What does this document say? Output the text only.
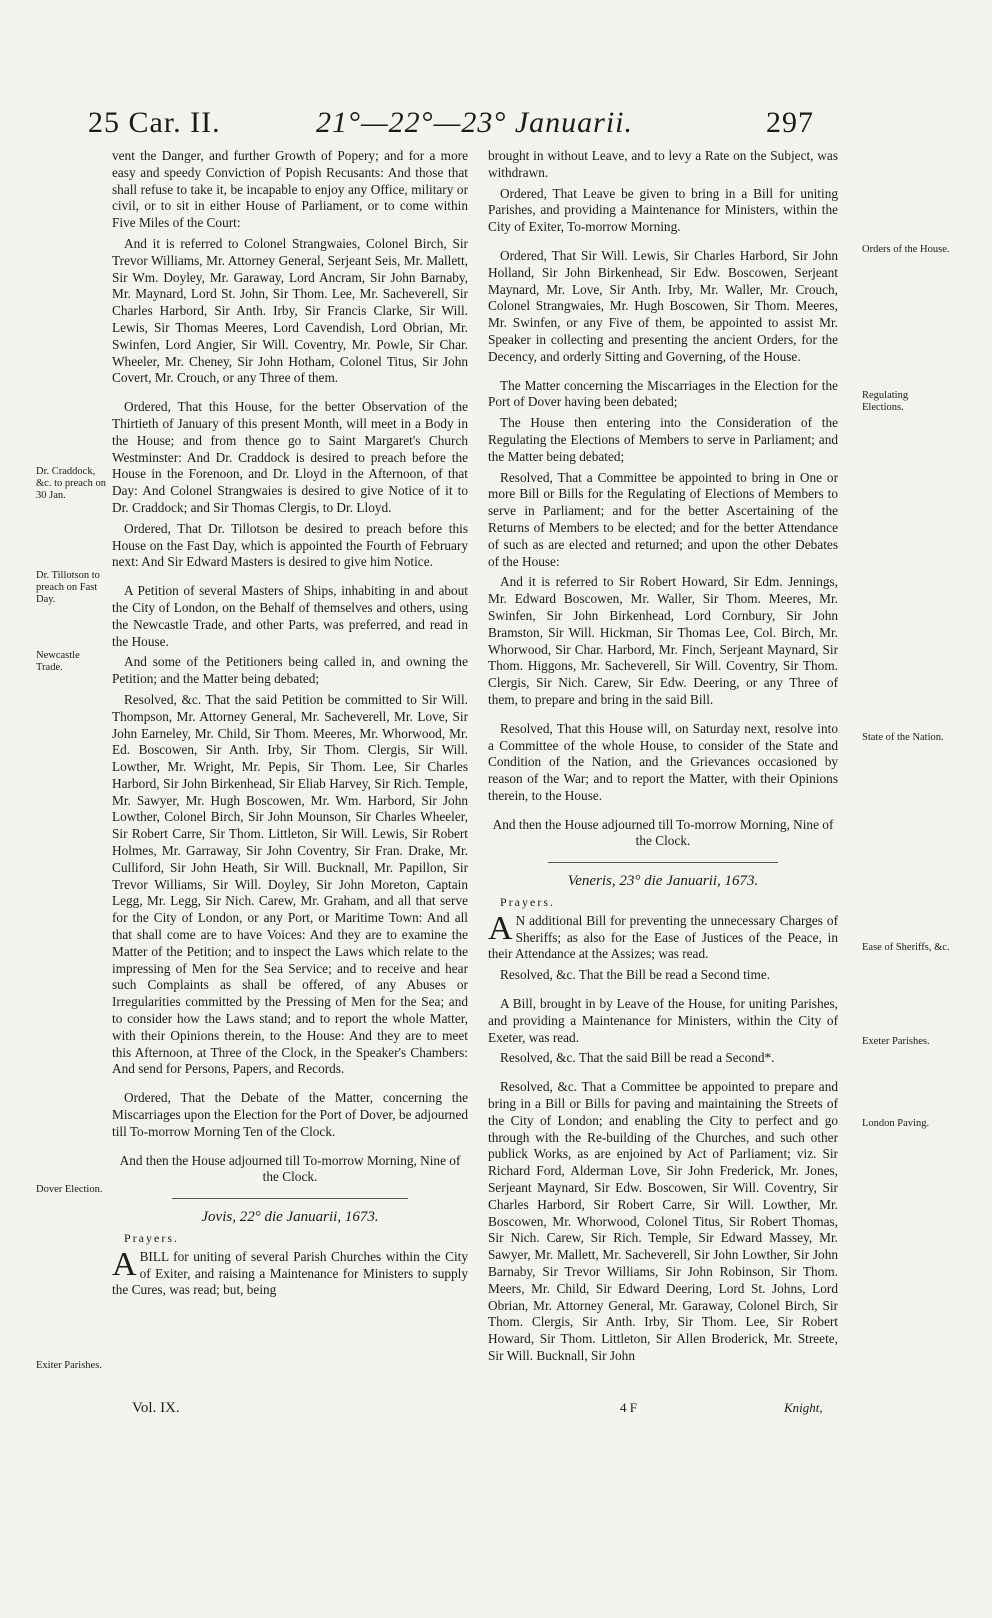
25 Car. II.	21°—22°—23° Januarii.	297
Dr. Craddock, &c. to preach on 30 Jan.
Dr. Tillotson to preach on Fast Day.
Newcastle Trade.
Dover Election.
Exiter Parishes.
Orders of the House.
Regulating Elections.
State of the Nation.
Ease of Sheriffs, &c.
Exeter Parishes.
London Paving.

vent the Danger, and further Growth of Popery; and for a more easy and speedy Conviction of Popish Recusants: And those that shall refuse to take it, be incapable to enjoy any Office, military or civil, or to sit in either House of Parliament, or to come within Five Miles of the Court:

And it is referred to Colonel Strangwaies, Colonel Birch, Sir Trevor Williams, Mr. Attorney General, Serjeant Seis, Mr. Mallett, Sir Wm. Doyley, Mr. Garaway, Lord Ancram, Sir John Barnaby, Mr. Maynard, Lord St. John, Sir Thom. Lee, Mr. Sacheverell, Sir Charles Harbord, Sir Anth. Irby, Sir Francis Clarke, Sir Will. Lewis, Sir Thomas Meeres, Lord Cavendish, Lord Obrian, Mr. Swinfen, Lord Angier, Sir Will. Coventry, Mr. Powle, Sir Char. Wheeler, Mr. Cheney, Sir John Hotham, Colonel Titus, Sir John Covert, Mr. Crouch, or any Three of them.

Ordered, That this House, for the better Observation of the Thirtieth of January of this present Month, will meet in a Body in the House; and from thence go to Saint Margaret's Church Westminster: And Dr. Craddock is desired to preach before the House in the Forenoon, and Dr. Lloyd in the Afternoon, of that Day: And Colonel Strangwaies is desired to give Notice of it to Dr. Craddock; and Sir Thomas Clergis, to Dr. Lloyd.

Ordered, That Dr. Tillotson be desired to preach before this House on the Fast Day, which is appointed the Fourth of February next: And Sir Edward Masters is desired to give him Notice.

A Petition of several Masters of Ships, inhabiting in and about the City of London, on the Behalf of themselves and others, using the Newcastle Trade, and other Parts, was preferred, and read in the House.

And some of the Petitioners being called in, and owning the Petition; and the Matter being debated;

Resolved, &c. That the said Petition be committed to Sir Will. Thompson, Mr. Attorney General, Mr. Sacheverell, Mr. Love, Sir John Earneley, Mr. Child, Sir Thom. Meeres, Mr. Whorwood, Mr. Ed. Boscowen, Sir Anth. Irby, Sir Thom. Clergis, Sir Will. Lowther, Mr. Wright, Mr. Pepis, Sir Thom. Lee, Sir Charles Harbord, Sir John Birkenhead, Sir Eliab Harvey, Sir Rich. Temple, Mr. Sawyer, Mr. Hugh Boscowen, Mr. Wm. Harbord, Sir John Lowther, Colonel Birch, Sir John Mounson, Sir Charles Wheeler, Sir Robert Carre, Sir Thom. Littleton, Sir Will. Lewis, Sir Robert Holmes, Mr. Garraway, Sir John Coventry, Sir Fran. Drake, Mr. Culliford, Sir John Heath, Sir Will. Bucknall, Mr. Papillon, Sir Trevor Williams, Sir Will. Doyley, Sir John Moreton, Captain Legg, Mr. Legg, Sir Nich. Carew, Mr. Graham, and all that serve for the City of London, or any Port, or Maritime Town: And all that shall come are to have Voices: And they are to examine the Matter of the Petition; and to inspect the Laws which relate to the impressing of Men for the Sea Service; and to receive and hear such Complaints as shall be offered, of any Abuses or Irregularities committed by the Pressing of Men for the Sea; and to consider how the Laws stand; and to report the whole Matter, with their Opinions therein, to the House: And they are to meet this Afternoon, at Three of the Clock, in the Speaker's Chambers: And send for Persons, Papers, and Records.

Ordered, That the Debate of the Matter, concerning the Miscarriages upon the Election for the Port of Dover, be adjourned till To-morrow Morning Ten of the Clock.

And then the House adjourned till To-morrow Morning, Nine of the Clock.

Jovis, 22° die Januarii, 1673.
Prayers.

ABILL for uniting of several Parish Churches within the City of Exiter, and raising a Maintenance for Ministers to supply the Cures, was read; but, being

brought in without Leave, and to levy a Rate on the Subject, was withdrawn.

Ordered, That Leave be given to bring in a Bill for uniting Parishes, and providing a Maintenance for Ministers, within the City of Exiter, To-morrow Morning.

Ordered, That Sir Will. Lewis, Sir Charles Harbord, Sir John Holland, Sir John Birkenhead, Sir Edw. Boscowen, Serjeant Maynard, Mr. Love, Sir Anth. Irby, Mr. Waller, Mr. Crouch, Colonel Strangwaies, Mr. Hugh Boscowen, Sir Thom. Meeres, Mr. Swinfen, or any Five of them, be appointed to assist Mr. Speaker in collecting and presenting the ancient Orders, for the Decency, and orderly Sitting and Governing, of the House.

The Matter concerning the Miscarriages in the Election for the Port of Dover having been debated;

The House then entering into the Consideration of the Regulating the Elections of Members to serve in Parliament; and the Matter being debated;

Resolved, That a Committee be appointed to bring in One or more Bill or Bills for the Regulating of Elections of Members to serve in Parliament; and for the better Ascertaining of the Returns of Members to be elected; and for the better Attendance of such as are elected and returned; and upon the other Debates of the House:

And it is referred to Sir Robert Howard, Sir Edm. Jennings, Mr. Edward Boscowen, Mr. Waller, Sir Thom. Meeres, Mr. Swinfen, Sir John Birkenhead, Lord Cornbury, Sir John Bramston, Sir Will. Hickman, Sir Thomas Lee, Col. Birch, Mr. Whorwood, Sir Char. Harbord, Mr. Finch, Serjeant Maynard, Sir Thom. Higgons, Mr. Sacheverell, Sir Will. Coventry, Sir Thom. Clergis, Sir Nich. Carew, Sir Edw. Deering, or any Three of them, to prepare and bring in the said Bill.

Resolved, That this House will, on Saturday next, resolve into a Committee of the whole House, to consider of the State and Condition of the Nation, and the Grievances occasioned by reason of the War; and to report the Matter, with their Opinions therein, to the House.

And then the House adjourned till To-morrow Morning, Nine of the Clock.

Veneris, 23° die Januarii, 1673.
Prayers.

A N additional Bill for preventing the unnecessary Charges of Sheriffs; as also for the Ease of Justices of the Peace, in their Attendance at the Assizes; was read.

Resolved, &c. That the Bill be read a Second time.

A Bill, brought in by Leave of the House, for uniting Parishes, and providing a Maintenance for Ministers, within the City of Exeter, was read.

Resolved, &c. That the said Bill be read a Second*.

Resolved, &c. That a Committee be appointed to prepare and bring in a Bill or Bills for paving and maintaining the Streets of the City of London; and enabling the City to perfect and go through with the Re-building of the Churches, and such other publick Works, as are enjoined by Act of Parliament; viz. Sir Richard Ford, Alderman Love, Sir John Frederick, Mr. Jones, Serjeant Maynard, Sir Edw. Boscowen, Sir Will. Coventry, Sir Charles Harbord, Sir Robert Carre, Sir Will. Lowther, Mr. Boscowen, Mr. Whorwood, Colonel Titus, Sir Robert Thomas, Sir Nich. Carew, Sir Rich. Temple, Sir Edward Massey, Mr. Sawyer, Mr. Mallett, Mr. Sacheverell, Sir John Lowther, Sir John Barnaby, Sir Trevor Williams, Sir John Robinson, Sir Thom. Meers, Mr. Child, Sir Edward Deering, Lord St. Johns, Lord Obrian, Mr. Attorney General, Mr. Garaway, Colonel Birch, Sir Thom. Clergis, Sir Anth. Irby, Sir Thom. Lee, Sir Robert Howard, Sir Thom. Littleton, Sir Allen Broderick, Mr. Streete, Sir Will. Bucknall, Sir John

Vol. IX.	4 F	Knight,
